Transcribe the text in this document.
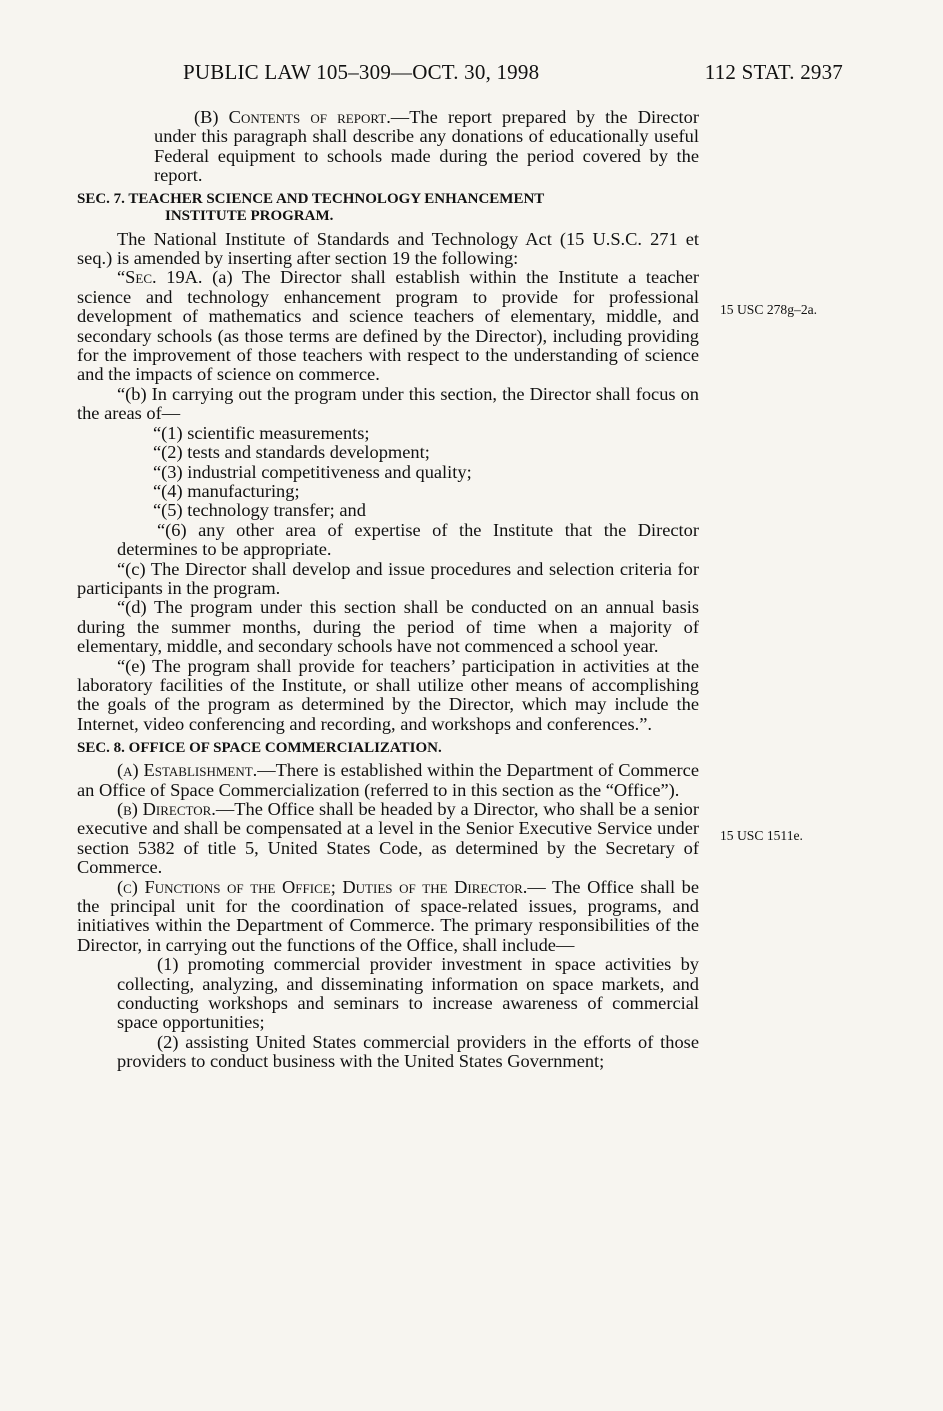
PUBLIC LAW 105–309—OCT. 30, 1998	112 STAT. 2937

(B) Contents of report.—The report prepared by the Director under this paragraph shall describe any donations of educationally useful Federal equipment to schools made during the period covered by the report.

SEC. 7. TEACHER SCIENCE AND TECHNOLOGY ENHANCEMENT
INSTITUTE PROGRAM.

The National Institute of Standards and Technology Act (15 U.S.C. 271 et seq.) is amended by inserting after section 19 the following:

“Sec. 19A. (a) The Director shall establish within the Institute a teacher science and technology enhancement program to provide for professional development of mathematics and science teachers of elementary, middle, and secondary schools (as those terms are defined by the Director), including providing for the improvement of those teachers with respect to the understanding of science and the impacts of science on commerce.

“(b) In carrying out the program under this section, the Director shall focus on the areas of—

“(1) scientific measurements;

“(2) tests and standards development;

“(3) industrial competitiveness and quality;

“(4) manufacturing;

“(5) technology transfer; and

“(6) any other area of expertise of the Institute that the Director determines to be appropriate.

“(c) The Director shall develop and issue procedures and selection criteria for participants in the program.

“(d) The program under this section shall be conducted on an annual basis during the summer months, during the period of time when a majority of elementary, middle, and secondary schools have not commenced a school year.

“(e) The program shall provide for teachers’ participation in activities at the laboratory facilities of the Institute, or shall utilize other means of accomplishing the goals of the program as determined by the Director, which may include the Internet, video conferencing and recording, and workshops and conferences.”.

SEC. 8. OFFICE OF SPACE COMMERCIALIZATION.

(a) Establishment.—There is established within the Department of Commerce an Office of Space Commercialization (referred to in this section as the “Office”).

(b) Director.—The Office shall be headed by a Director, who shall be a senior executive and shall be compensated at a level in the Senior Executive Service under section 5382 of title 5, United States Code, as determined by the Secretary of Commerce.

(c) Functions of the Office; Duties of the Director.— The Office shall be the principal unit for the coordination of space-related issues, programs, and initiatives within the Department of Commerce. The primary responsibilities of the Director, in carrying out the functions of the Office, shall include—

(1) promoting commercial provider investment in space activities by collecting, analyzing, and disseminating information on space markets, and conducting workshops and seminars to increase awareness of commercial space opportunities;

(2) assisting United States commercial providers in the efforts of those providers to conduct business with the United States Government;

15 USC 278g–2a.
15 USC 1511e.
